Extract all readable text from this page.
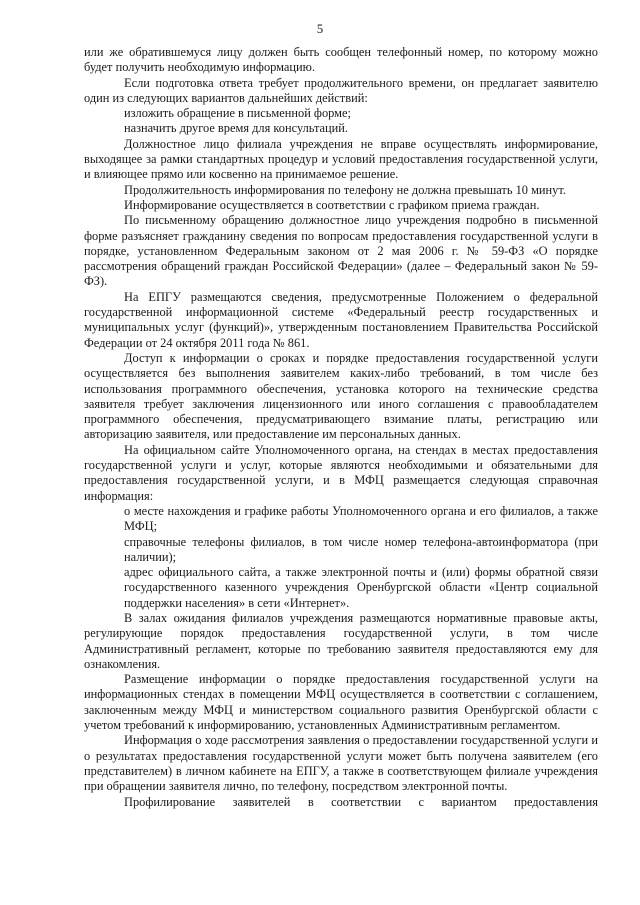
5

или же обратившемуся лицу должен быть сообщен телефонный номер, по которому можно будет получить необходимую информацию.

Если подготовка ответа требует продолжительного времени, он предлагает заявителю один из следующих вариантов дальнейших действий:

изложить обращение в письменной форме;

назначить другое время для консультаций.

Должностное лицо филиала учреждения не вправе осуществлять информирование, выходящее за рамки стандартных процедур и условий предоставления государственной услуги, и влияющее прямо или косвенно на принимаемое решение.

Продолжительность информирования по телефону не должна превышать 10 минут.

Информирование осуществляется в соответствии с графиком приема граждан.

По письменному обращению должностное лицо учреждения подробно в письменной форме разъясняет гражданину сведения по вопросам предоставления государственной услуги в порядке, установленном Федеральным законом от 2 мая 2006 г. № 59-ФЗ «О порядке рассмотрения обращений граждан Российской Федерации» (далее – Федеральный закон № 59-ФЗ).

На ЕПГУ размещаются сведения, предусмотренные Положением о федеральной государственной информационной системе «Федеральный реестр государственных и муниципальных услуг (функций)», утвержденным постановлением Правительства Российской Федерации от 24 октября 2011 года № 861.

Доступ к информации о сроках и порядке предоставления государственной услуги осуществляется без выполнения заявителем каких-либо требований, в том числе без использования программного обеспечения, установка которого на технические средства заявителя требует заключения лицензионного или иного соглашения с правообладателем программного обеспечения, предусматривающего взимание платы, регистрацию или авторизацию заявителя, или предоставление им персональных данных.

На официальном сайте Уполномоченного органа, на стендах в местах предоставления государственной услуги и услуг, которые являются необходимыми и обязательными для предоставления государственной услуги, и в МФЦ размещается следующая справочная информация:

о месте нахождения и графике работы Уполномоченного органа и его филиалов, а также МФЦ;

справочные телефоны филиалов, в том числе номер телефона-автоинформатора (при наличии);

адрес официального сайта, а также электронной почты и (или) формы обратной связи государственного казенного учреждения Оренбургской области «Центр социальной поддержки населения» в сети «Интернет».

В залах ожидания филиалов учреждения размещаются нормативные правовые акты, регулирующие порядок предоставления государственной услуги, в том числе Административный регламент, которые по требованию заявителя предоставляются ему для ознакомления.

Размещение информации о порядке предоставления государственной услуги на информационных стендах в помещении МФЦ осуществляется в соответствии с соглашением, заключенным между МФЦ и министерством социального развития Оренбургской области с учетом требований к информированию, установленных Административным регламентом.

Информация о ходе рассмотрения заявления о предоставлении государственной услуги и о результатах предоставления государственной услуги может быть получена заявителем (его представителем) в личном кабинете на ЕПГУ, а также в соответствующем филиале учреждения при обращении заявителя лично, по телефону, посредством электронной почты.

Профилирование заявителей в соответствии с вариантом предоставления
